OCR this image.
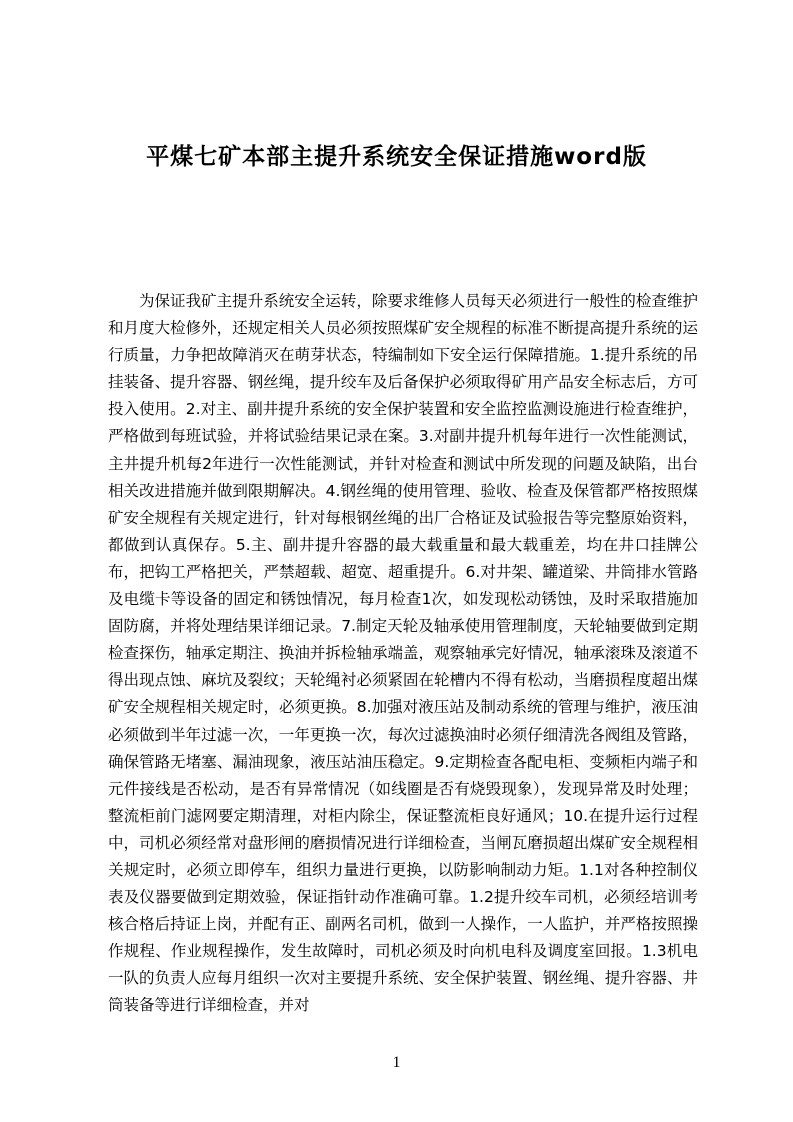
平煤七矿本部主提升系统安全保证措施word版

为保证我矿主提升系统安全运转，除要求维修人员每天必须进行一般性的检查维护和月度大检修外，还规定相关人员必须按照煤矿安全规程的标准不断提高提升系统的运行质量，力争把故障消灭在萌芽状态，特编制如下安全运行保障措施。1.提升系统的吊挂装备、提升容器、钢丝绳，提升绞车及后备保护必须取得矿用产品安全标志后，方可投入使用。2.对主、副井提升系统的安全保护装置和安全监控监测设施进行检查维护，严格做到每班试验，并将试验结果记录在案。3.对副井提升机每年进行一次性能测试，主井提升机每2年进行一次性能测试，并针对检查和测试中所发现的问题及缺陷，出台相关改进措施并做到限期解决。4.钢丝绳的使用管理、验收、检查及保管都严格按照煤矿安全规程有关规定进行，针对每根钢丝绳的出厂合格证及试验报告等完整原始资料，都做到认真保存。5.主、副井提升容器的最大载重量和最大载重差，均在井口挂牌公布，把钩工严格把关，严禁超载、超宽、超重提升。6.对井架、罐道梁、井筒排水管路及电缆卡等设备的固定和锈蚀情况，每月检查1次，如发现松动锈蚀，及时采取措施加固防腐，并将处理结果详细记录。7.制定天轮及轴承使用管理制度，天轮轴要做到定期检查探伤，轴承定期注、换油并拆检轴承端盖，观察轴承完好情况，轴承滚珠及滚道不得出现点蚀、麻坑及裂纹；天轮绳衬必须紧固在轮槽内不得有松动，当磨损程度超出煤矿安全规程相关规定时，必须更换。8.加强对液压站及制动系统的管理与维护，液压油必须做到半年过滤一次，一年更换一次，每次过滤换油时必须仔细清洗各阀组及管路，确保管路无堵塞、漏油现象，液压站油压稳定。9.定期检查各配电柜、变频柜内端子和元件接线是否松动，是否有异常情况（如线圈是否有烧毁现象），发现异常及时处理；整流柜前门滤网要定期清理，对柜内除尘，保证整流柜良好通风；10.在提升运行过程中，司机必须经常对盘形闸的磨损情况进行详细检查，当闸瓦磨损超出煤矿安全规程相关规定时，必须立即停车，组织力量进行更换，以防影响制动力矩。1.1对各种控制仪表及仪器要做到定期效验，保证指针动作准确可靠。1.2提升绞车司机，必须经培训考核合格后持证上岗，并配有正、副两名司机，做到一人操作，一人监护，并严格按照操作规程、作业规程操作，发生故障时，司机必须及时向机电科及调度室回报。1.3机电一队的负责人应每月组织一次对主要提升系统、安全保护装置、钢丝绳、提升容器、井筒装备等进行详细检查，并对

1
